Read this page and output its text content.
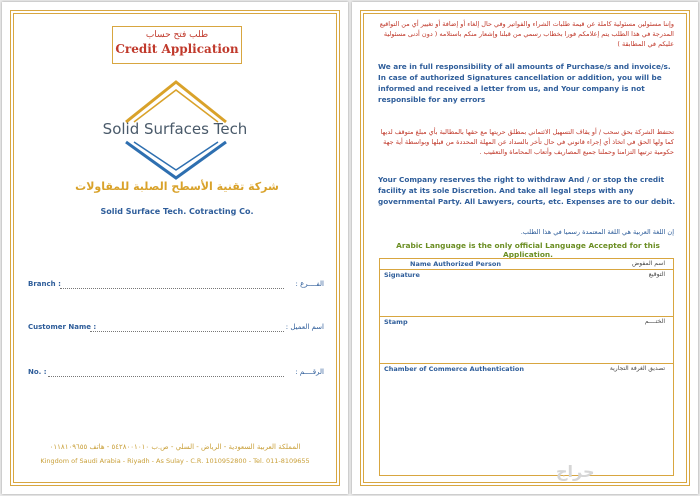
طلب فتح حساب
Credit Application
Solid Surfaces Tech
شركة تقنية الأسطح الصلبة للمقاولات
Solid Surface Tech. Cotracting Co.
Branch :	الفــــرع :
Customer Name :	اسم العميل :
No. :	الرقــــم :
المملكة العربية السعودية - الرياض - السلي - ص.ب ٥٤٢٨٠٠١٠١٠ - هاتف ٠١١٨١٠٩٦٥٥
Kingdom of Saudi Arabia - Riyadh - As Sulay - C.R. 1010952800 - Tel. 011-8109655
وإننا مسئولين مسئولية كاملة عن قيمة طلبات الشراء والفواتير وفي حال إلغاء أو إضافة أو تغيير أي من التواقيع المدرجة في هذا الطلب يتم إعلامكم فورا بخطاب رسمي من قبلنا وإشعار منكم باستلامه ( دون أدنى مسئولية عليكم في المطابقة )
We are in full responsibility of all amounts of Purchase/s and invoice/s. In case of authorized Signatures cancellation or addition, you will be informed and received a letter from us, and Your company is not responsible for any errors
تحتفظ الشركة بحق سحب / أو يقاف التسهيل الائتماني بمطلق حريتها مع حقها بالمطالبة بأي مبلغ متوقف لديها كما ولها الحق في اتخاذ أي إجراء قانوني في حال تأخر بالسداد عن المهلة المحددة من قبلها وبواسطة أية جهة حكومية ترتيها التزامنا وحملنا جميع المصاريف وأتعاب المحاماة والتعقيب .
Your Company reserves the right to withdraw And / or stop the credit facility at its sole Discretion. And take all legal steps with any governmental Party. All Lawyers, courts, etc. Expenses are to our debit.
إن اللغة العربية هي اللغة المعتمدة رسميا في هذا الطلب.
Arabic Language is the only official Language Accepted for this Application.
Name Authorized Person	اسم المفوض
Signature	التوقيع
Stamp	الختــــم
Chamber of Commerce Authentication	تصديق الغرفة التجارية
حراج
